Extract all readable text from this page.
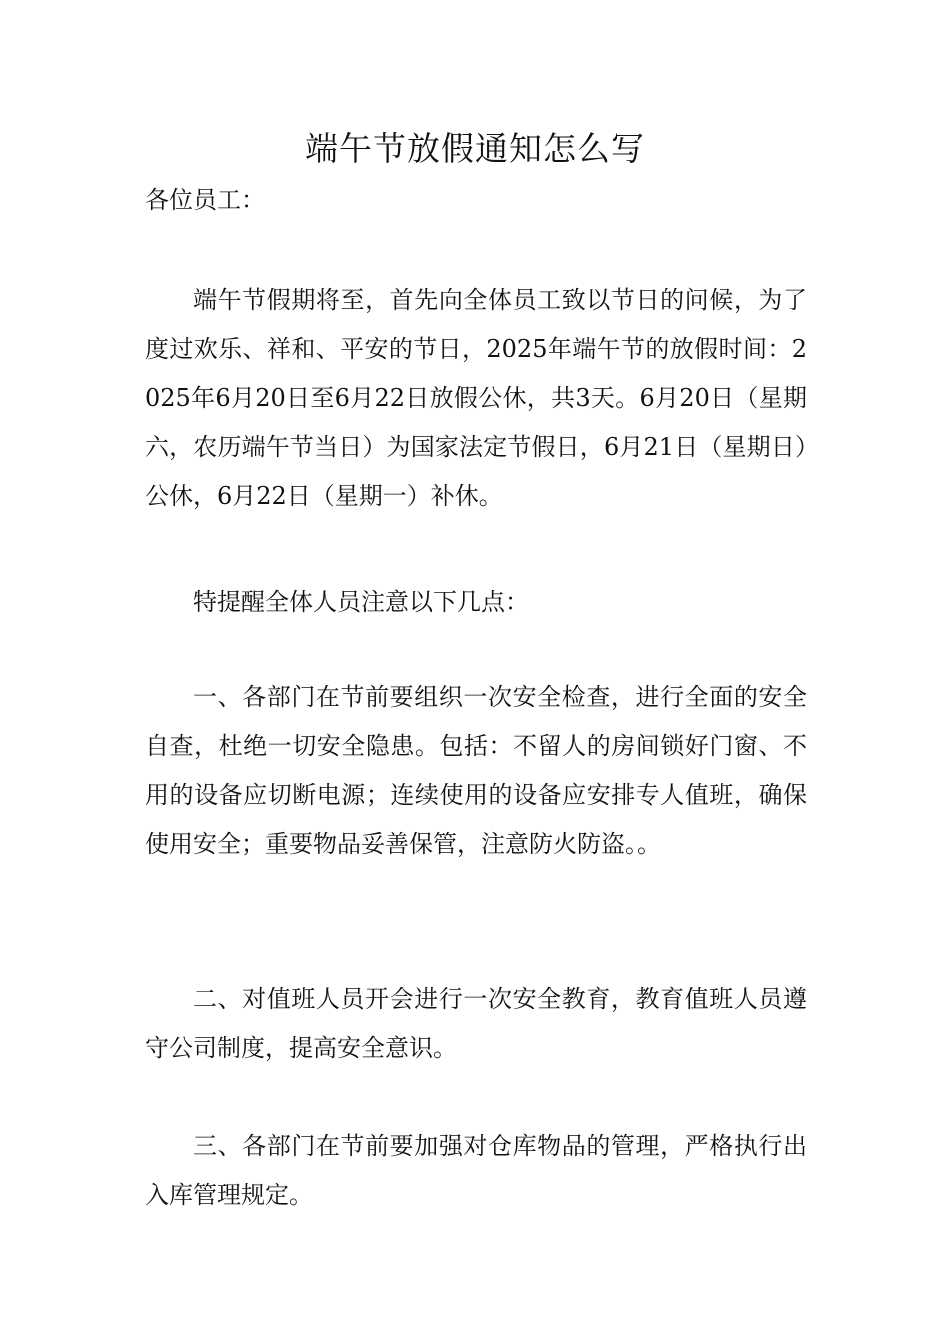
端午节放假通知怎么写

各位员工：

端午节假期将至，首先向全体员工致以节日的问候，为了度过欢乐、祥和、平安的节日，2025年端午节的放假时间：2025年6月20日至6月22日放假公休，共3天。6月20日（星期六，农历端午节当日）为国家法定节假日，6月21日（星期日）公休，6月22日（星期一）补休。

特提醒全体人员注意以下几点：

一、各部门在节前要组织一次安全检查，进行全面的安全自查，杜绝一切安全隐患。包括：不留人的房间锁好门窗、不用的设备应切断电源；连续使用的设备应安排专人值班，确保使用安全；重要物品妥善保管，注意防火防盗。。

二、对值班人员开会进行一次安全教育，教育值班人员遵守公司制度，提高安全意识。

三、各部门在节前要加强对仓库物品的管理，严格执行出入库管理规定。
